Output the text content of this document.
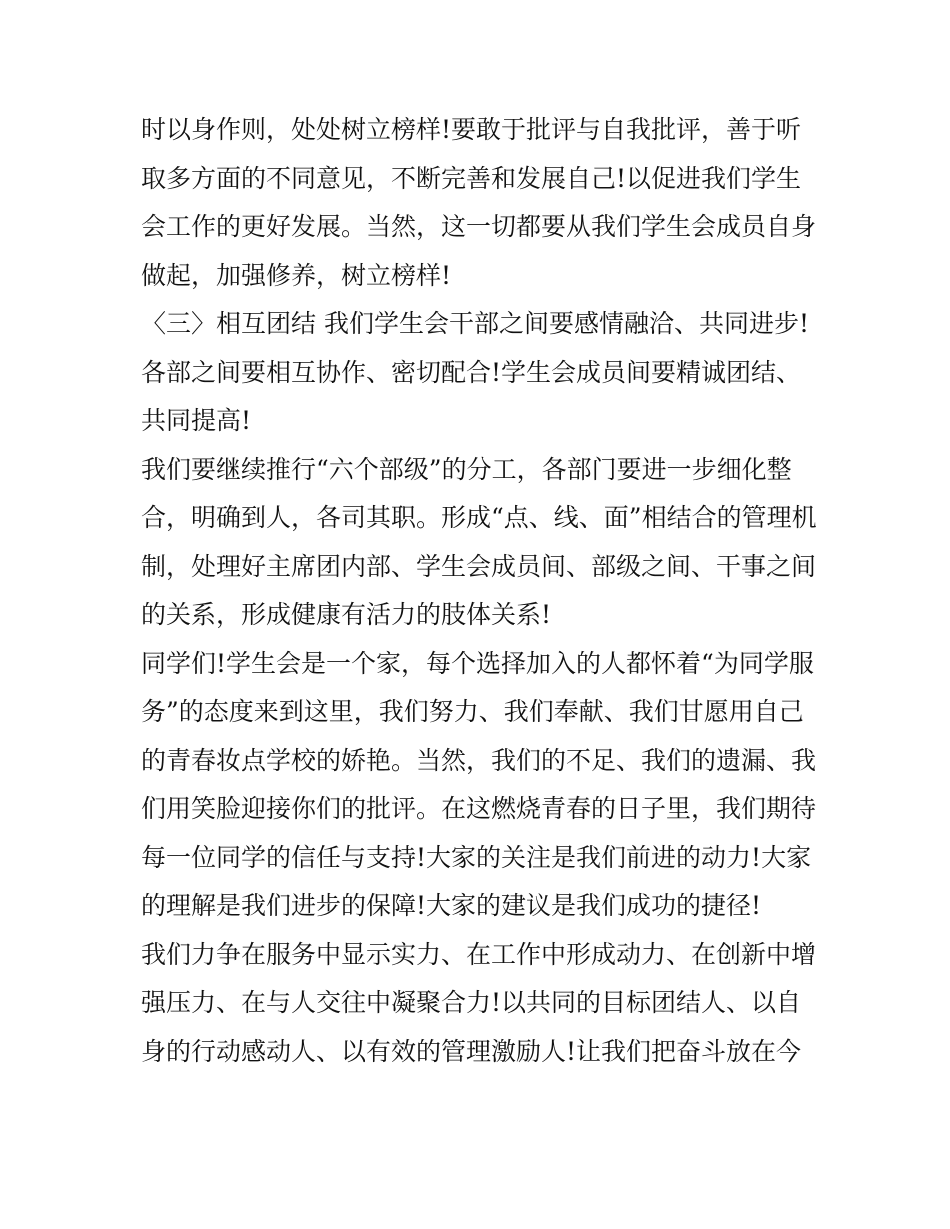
时以身作则，处处树立榜样!要敢于批评与自我批评，善于听
取多方面的不同意见，不断完善和发展自己!以促进我们学生
会工作的更好发展。当然，这一切都要从我们学生会成员自身
做起，加强修养，树立榜样!
〈三〉相互团结 我们学生会干部之间要感情融洽、共同进步!
各部之间要相互协作、密切配合!学生会成员间要精诚团结、
共同提高!
我们要继续推行“六个部级”的分工，各部门要进一步细化整
合，明确到人，各司其职。形成“点、线、面”相结合的管理机
制，处理好主席团内部、学生会成员间、部级之间、干事之间
的关系，形成健康有活力的肢体关系!
同学们!学生会是一个家，每个选择加入的人都怀着“为同学服
务”的态度来到这里，我们努力、我们奉献、我们甘愿用自己
的青春妆点学校的娇艳。当然，我们的不足、我们的遗漏、我
们用笑脸迎接你们的批评。在这燃烧青春的日子里，我们期待
每一位同学的信任与支持!大家的关注是我们前进的动力!大家
的理解是我们进步的保障!大家的建议是我们成功的捷径!
我们力争在服务中显示实力、在工作中形成动力、在创新中增
强压力、在与人交往中凝聚合力!以共同的目标团结人、以自
身的行动感动人、以有效的管理激励人!让我们把奋斗放在今
